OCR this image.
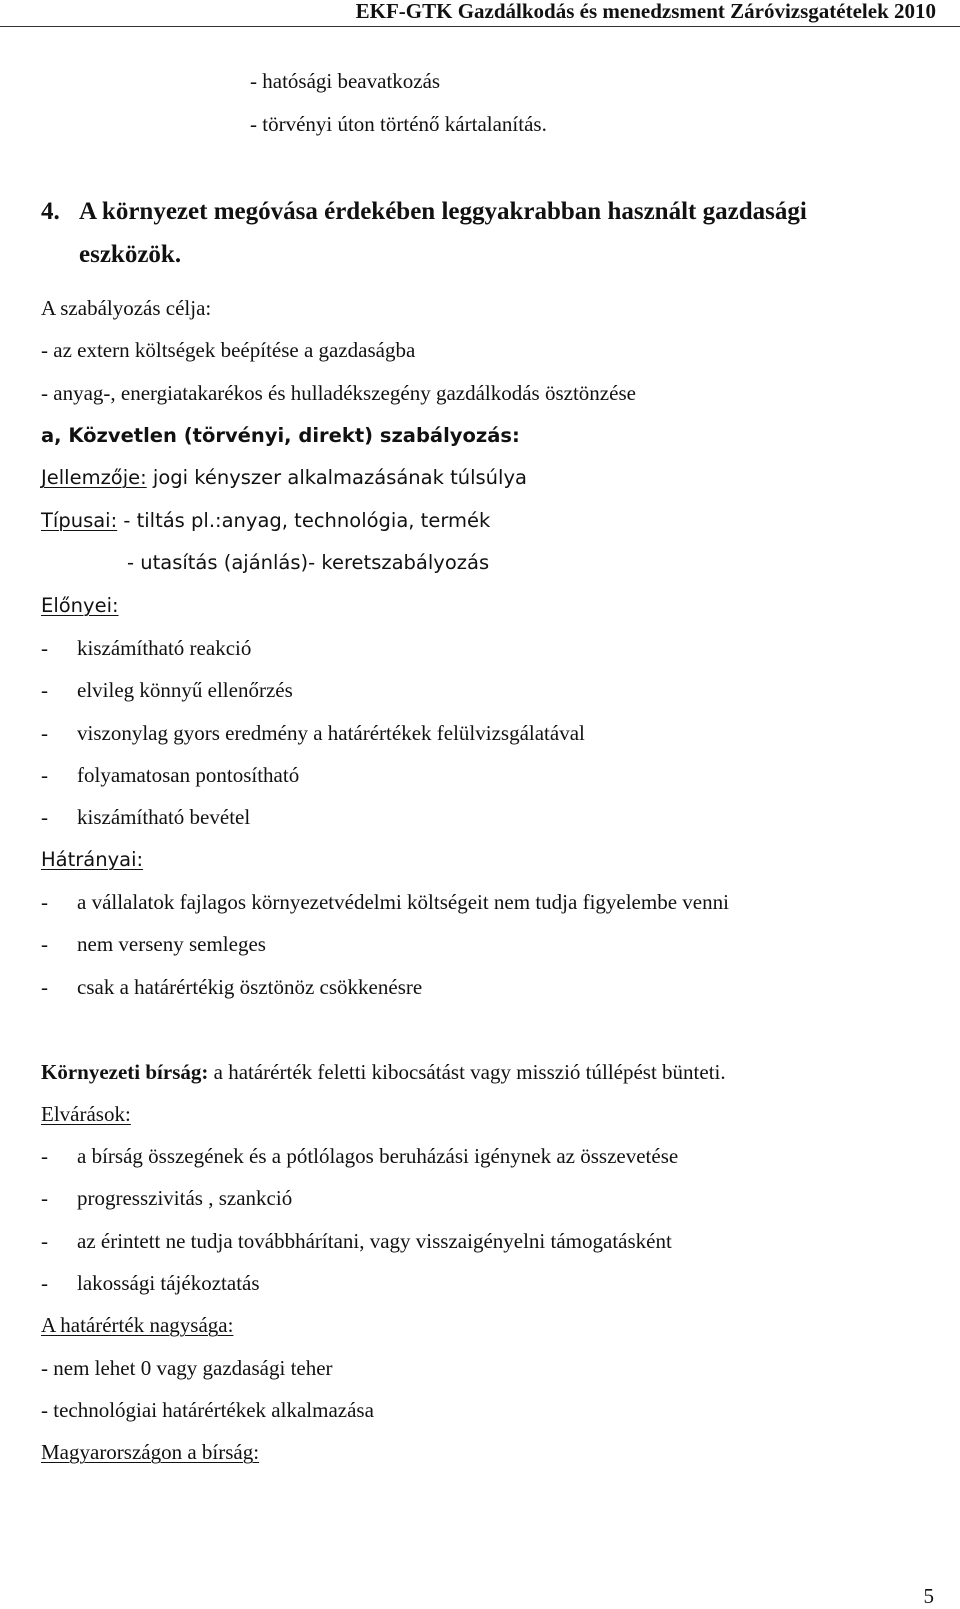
EKF-GTK Gazdálkodás és menedzsment Záróvizsgatételek 2010
- hatósági beavatkozás
- törvényi úton történő kártalanítás.
4. A környezet megóvása érdekében leggyakrabban használt gazdasági
eszközök.
A szabályozás célja:
- az extern költségek beépítése a gazdaságba
- anyag-, energiatakarékos és hulladékszegény gazdálkodás ösztönzése
a, Közvetlen (törvényi, direkt) szabályozás:
Jellemzője: jogi kényszer alkalmazásának túlsúlya
Típusai: - tiltás pl.:anyag, technológia, termék
- utasítás (ajánlás)- keretszabályozás
Előnyei:
- kiszámítható reakció
- elvileg könnyű ellenőrzés
- viszonylag gyors eredmény a határértékek felülvizsgálatával
- folyamatosan pontosítható
- kiszámítható bevétel
Hátrányai:
- a vállalatok fajlagos környezetvédelmi költségeit nem tudja figyelembe venni
- nem verseny semleges
- csak a határértékig ösztönöz csökkenésre
Környezeti bírság: a határérték feletti kibocsátást vagy misszió túllépést bünteti.
Elvárások:
- a bírság összegének és a pótlólagos beruházási igénynek az összevetése
- progresszivitás , szankció
- az érintett ne tudja továbbhárítani, vagy visszaigényelni támogatásként
- lakossági tájékoztatás
A határérték nagysága:
- nem lehet 0 vagy gazdasági teher
- technológiai határértékek alkalmazása
Magyarországon a bírság:
5
